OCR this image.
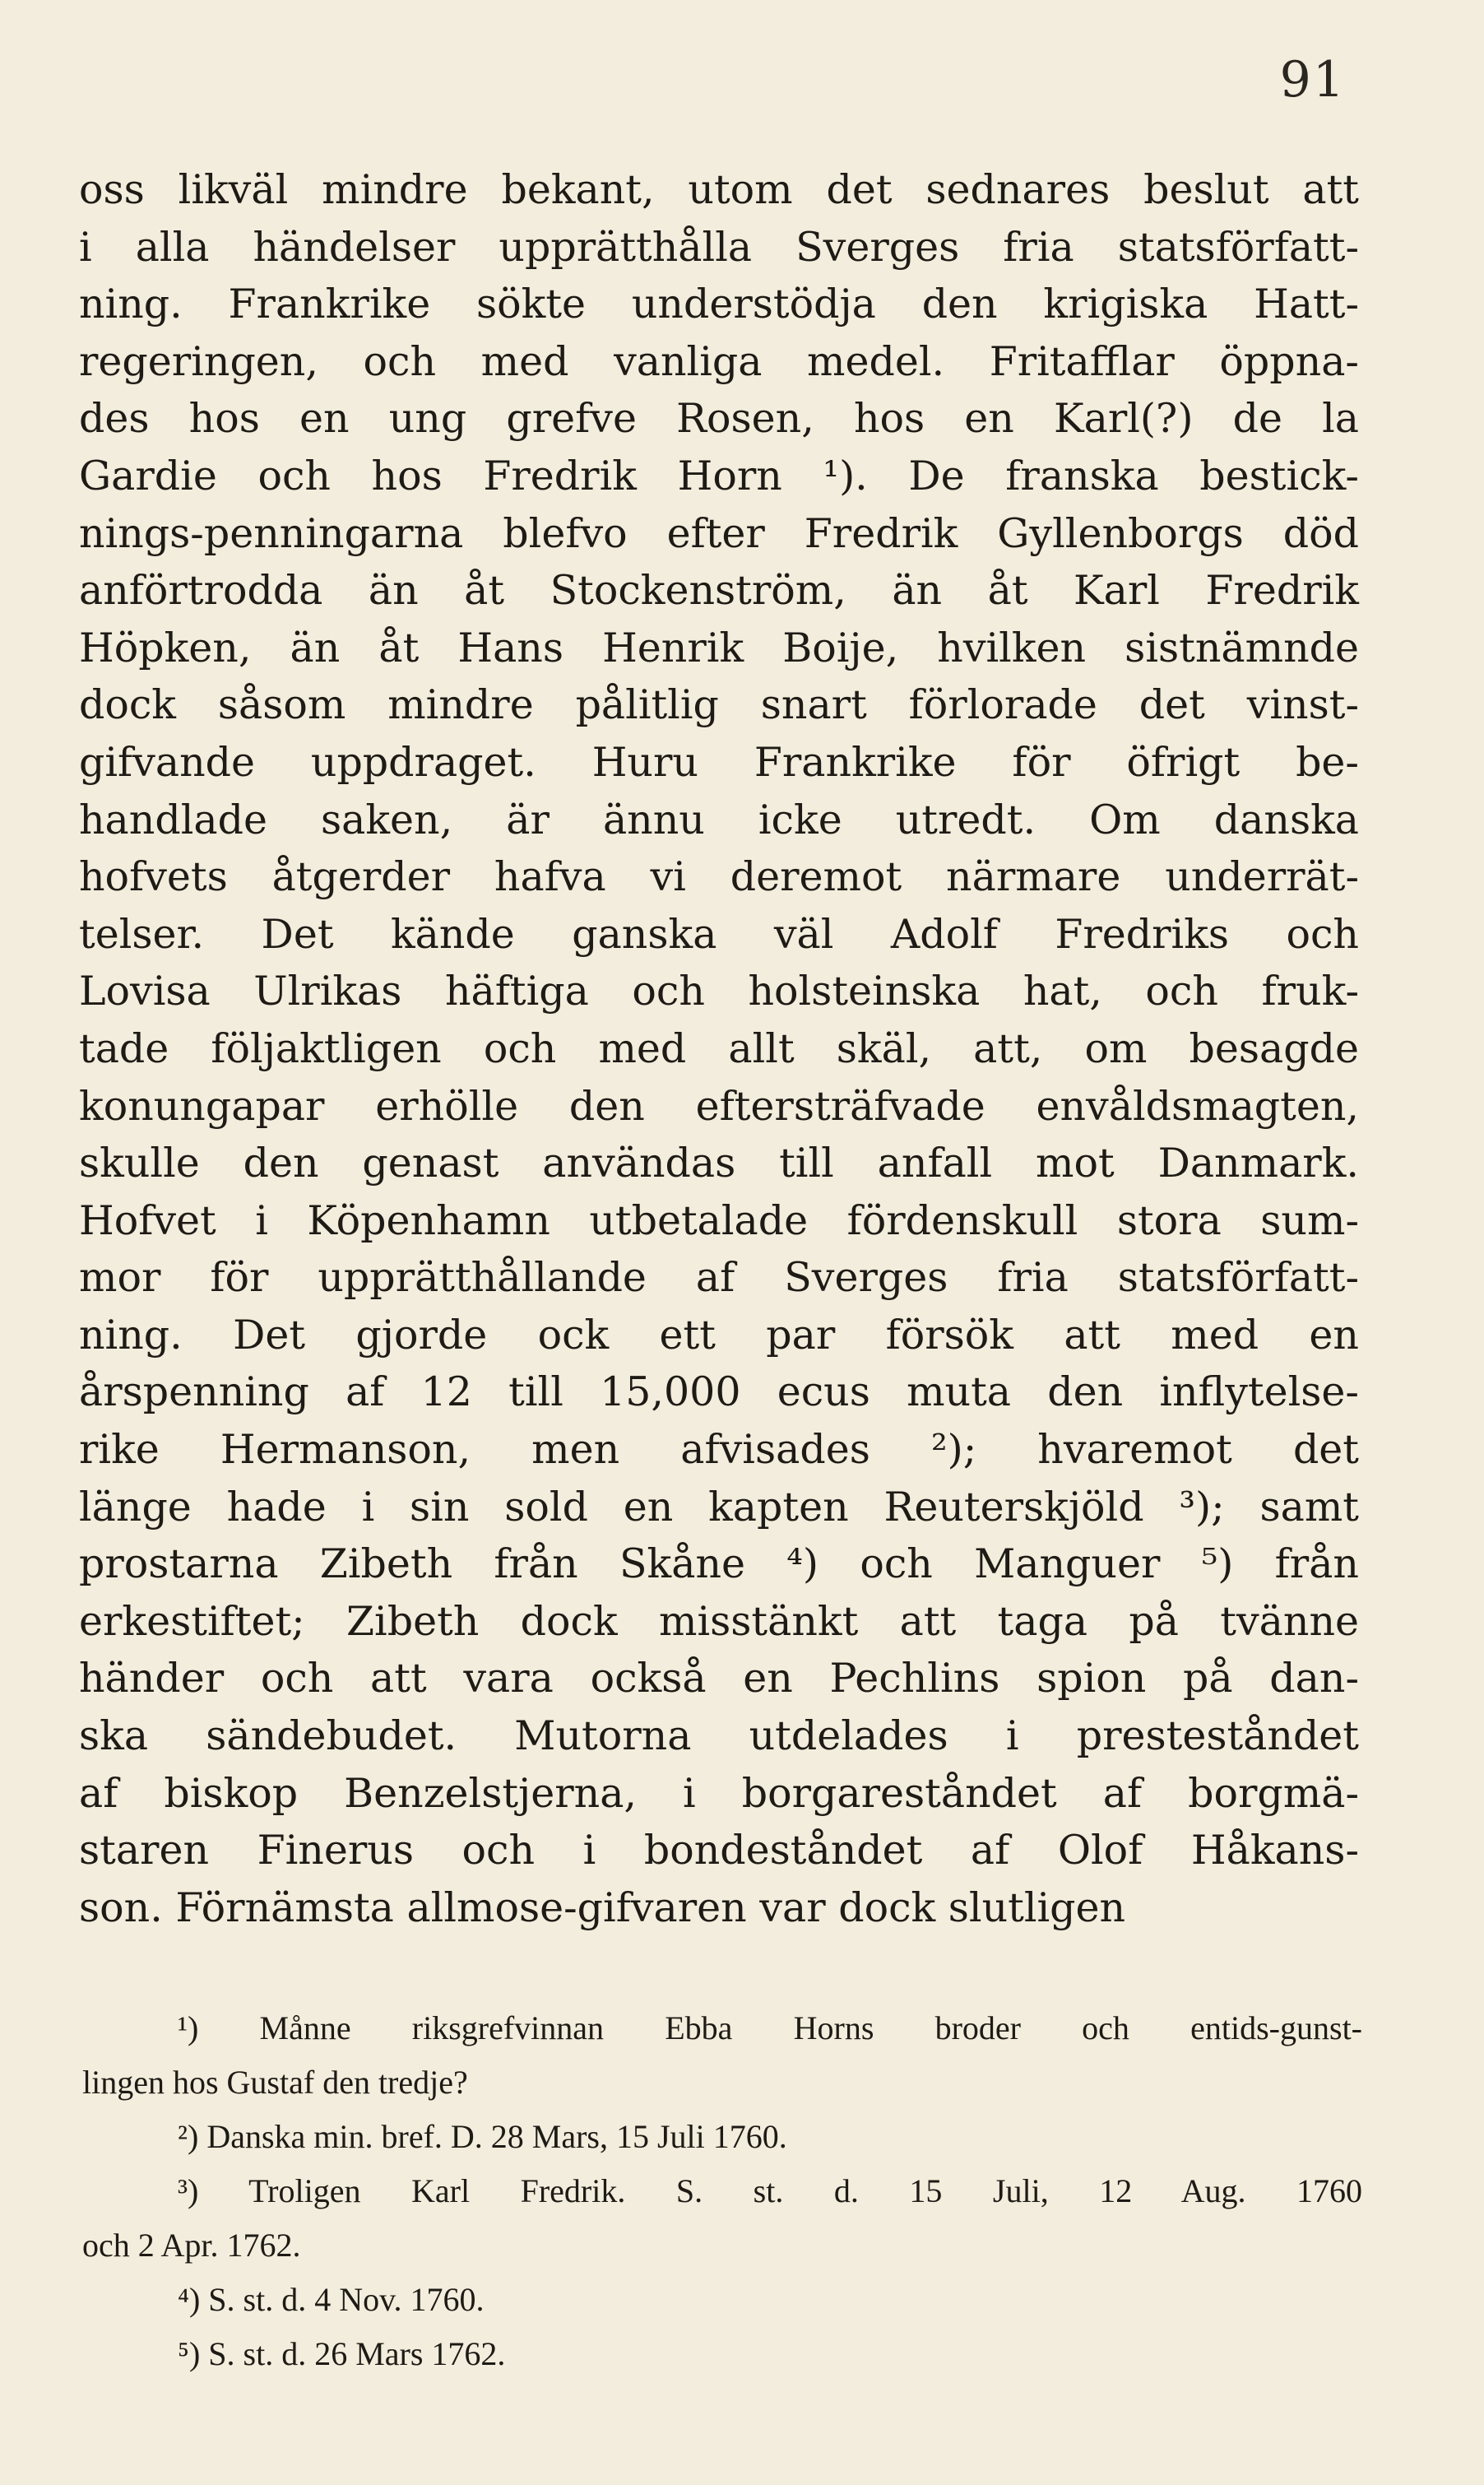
91
oss likväl mindre bekant, utom det sednares beslut att
i alla händelser upprätthålla Sverges fria statsförfatt-
ning. Frankrike sökte understödja den krigiska Hatt-
regeringen, och med vanliga medel. Fritafflar öppna-
des hos en ung grefve Rosen, hos en Karl(?) de la
Gardie och hos Fredrik Horn ¹). De franska bestick-
nings-penningarna blefvo efter Fredrik Gyllenborgs död
anförtrodda än åt Stockenström, än åt Karl Fredrik
Höpken, än åt Hans Henrik Boije, hvilken sistnämnde
dock såsom mindre pålitlig snart förlorade det vinst-
gifvande uppdraget. Huru Frankrike för öfrigt be-
handlade saken, är ännu icke utredt. Om danska
hofvets åtgerder hafva vi deremot närmare underrät-
telser. Det kände ganska väl Adolf Fredriks och
Lovisa Ulrikas häftiga och holsteinska hat, och fruk-
tade följaktligen och med allt skäl, att, om besagde
konungapar erhölle den eftersträfvade envåldsmagten,
skulle den genast användas till anfall mot Danmark.
Hofvet i Köpenhamn utbetalade fördenskull stora sum-
mor för upprätthållande af Sverges fria statsförfatt-
ning. Det gjorde ock ett par försök att med en
årspenning af 12 till 15,000 ecus muta den inflytelse-
rike Hermanson, men afvisades ²); hvaremot det
länge hade i sin sold en kapten Reuterskjöld ³); samt
prostarna Zibeth från Skåne ⁴) och Manguer ⁵) från
erkestiftet; Zibeth dock misstänkt att taga på tvänne
händer och att vara också en Pechlins spion på dan-
ska sändebudet. Mutorna utdelades i presteståndet
af biskop Benzelstjerna, i borgareståndet af borgmä-
staren Finerus och i bondeståndet af Olof Håkans-
son. Förnämsta allmose-gifvaren var dock slutligen
¹) Månne riksgrefvinnan Ebba Horns broder och entids-gunst-
lingen hos Gustaf den tredje?
²) Danska min. bref. D. 28 Mars, 15 Juli 1760.
³) Troligen Karl Fredrik. S. st. d. 15 Juli, 12 Aug. 1760
och 2 Apr. 1762.
⁴) S. st. d. 4 Nov. 1760.
⁵) S. st. d. 26 Mars 1762.
